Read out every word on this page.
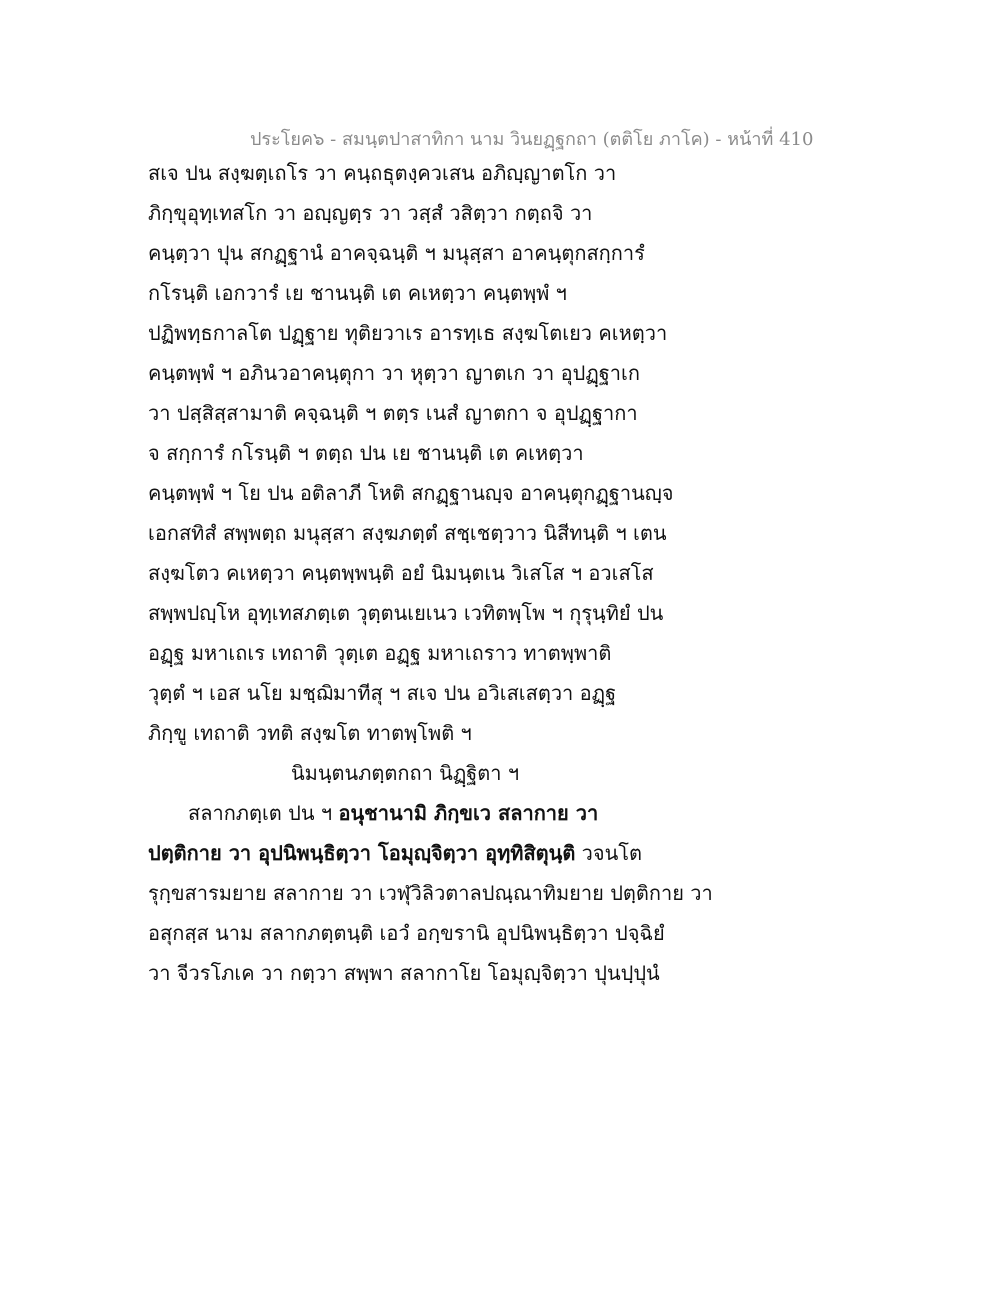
ประโยค๖ - สมนฺตปาสาทิกา นาม วินยฏฺฐกถา (ตติโย ภาโค) - หน้าที่ 410
สเจ ปน สงฺฆตฺเถโร วา คนฺถธุตงฺควเสน อภิญฺญาตโก วา
ภิกฺขุอุทฺเทสโก วา อญฺญตฺร วา วสฺสํ วสิตฺวา กตฺถจิ วา
คนฺตฺวา ปุน สกฏฺฐานํ อาคจฺฉนฺติ ฯ มนุสฺสา อาคนฺตุกสกฺการํ
กโรนฺติ เอกวารํ เย ชานนฺติ เต คเหตฺวา คนฺตพฺพํ ฯ
ปฏิพทฺธกาลโต ปฏฺฐาย ทุติยวาเร อารทฺเธ สงฺฆโตเยว คเหตฺวา
คนฺตพฺพํ ฯ อภินวอาคนฺตุกา วา หุตฺวา ญาตเก วา อุปฏฺฐาเก
วา ปสฺสิสฺสามาติ คจฺฉนฺติ ฯ ตตฺร เนสํ ญาตกา จ อุปฏฺฐากา
จ สกฺการํ กโรนฺติ ฯ ตตฺถ ปน เย ชานนฺติ เต คเหตฺวา
คนฺตพฺพํ ฯ โย ปน อติลาภี โหติ สกฏฺฐานญฺจ อาคนฺตุกฏฺฐานญฺจ
เอกสทิสํ สพฺพตฺถ มนุสฺสา สงฺฆภตฺตํ สชฺเชตฺวาว นิสีทนฺติ ฯ เตน
สงฺฆโตว คเหตฺวา คนฺตพฺพนฺติ อยํ นิมนฺตเน วิเสโส ฯ อวเสโส
สพฺพปญฺโห อุทฺเทสภตฺเต วุตฺตนเยเนว เวทิตพฺโพ ฯ กุรุนฺทิยํ ปน
อฏฺฐ มหาเถเร เทถาติ วุตฺเต อฏฺฐ มหาเถราว ทาตพฺพาติ
วุตฺตํ ฯ เอส นโย มชฺฌิมาทีสุ ฯ สเจ ปน อวิเสเสตฺวา อฏฺฐ
ภิกฺขู เทถาติ วทติ สงฺฆโต ทาตพฺโพติ ฯ
นิมนฺตนภตฺตกถา นิฏฺฐิตา ฯ
สลากภตฺเต ปน ฯ อนุชานามิ ภิกฺขเว สลากาย วา
ปตฺติกาย วา อุปนิพนฺธิตฺวา โอมุญฺจิตฺวา อุทฺทิสิตุนฺติ วจนโต
รุกฺขสารมยาย สลากาย วา เวฬุวิลิวตาลปณฺณาทิมยาย ปตฺติกาย วา
อสุกสฺส นาม สลากภตฺตนฺติ เอวํ อกฺขรานิ อุปนิพนฺธิตฺวา ปจฺฉิยํ
วา จีวรโภเค วา กตฺวา สพฺพา สลากาโย โอมุญฺจิตฺวา ปุนปฺปุนํ
